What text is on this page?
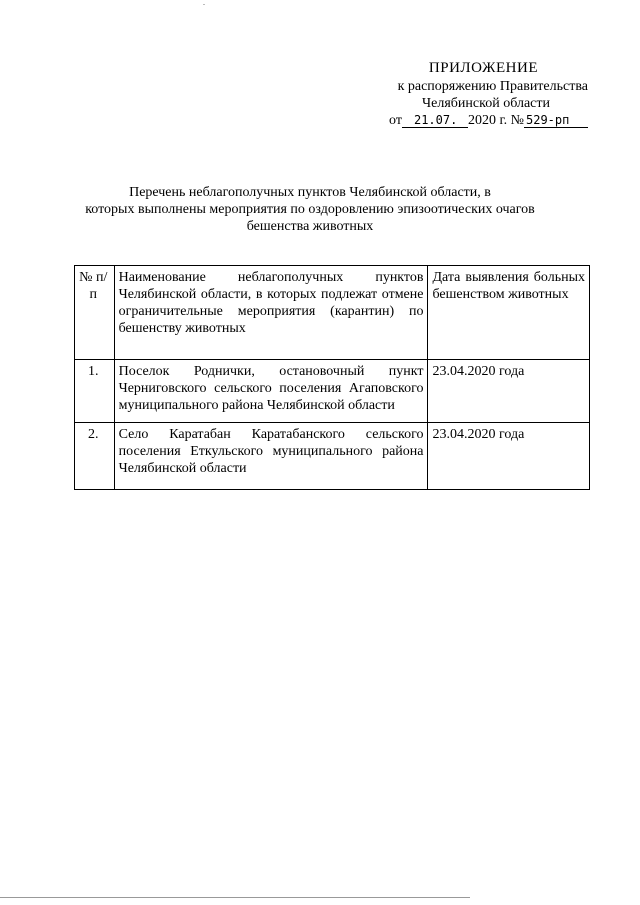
ПРИЛОЖЕНИЕ
к распоряжению Правительства
Челябинской области
от	21.07. 2020 г. № 529-рп
Перечень неблагополучных пунктов Челябинской области, в
которых выполнены мероприятия по оздоровлению эпизоотических очагов
бешенства животных
№ п/п	Наименование неблагополучных пунктов Челябинской области, в которых подлежат отмене ограничительные мероприятия (карантин) по бешенству животных	Дата выявления больных бешенством животных
1.	Поселок Роднички, остановочный пункт Черниговского сельского поселения Агаповского муниципального района Челябинской области	23.04.2020 года
2.	Село Каратабан Каратабанского сельского поселения Еткульского муниципального района Челябинской области	23.04.2020 года
